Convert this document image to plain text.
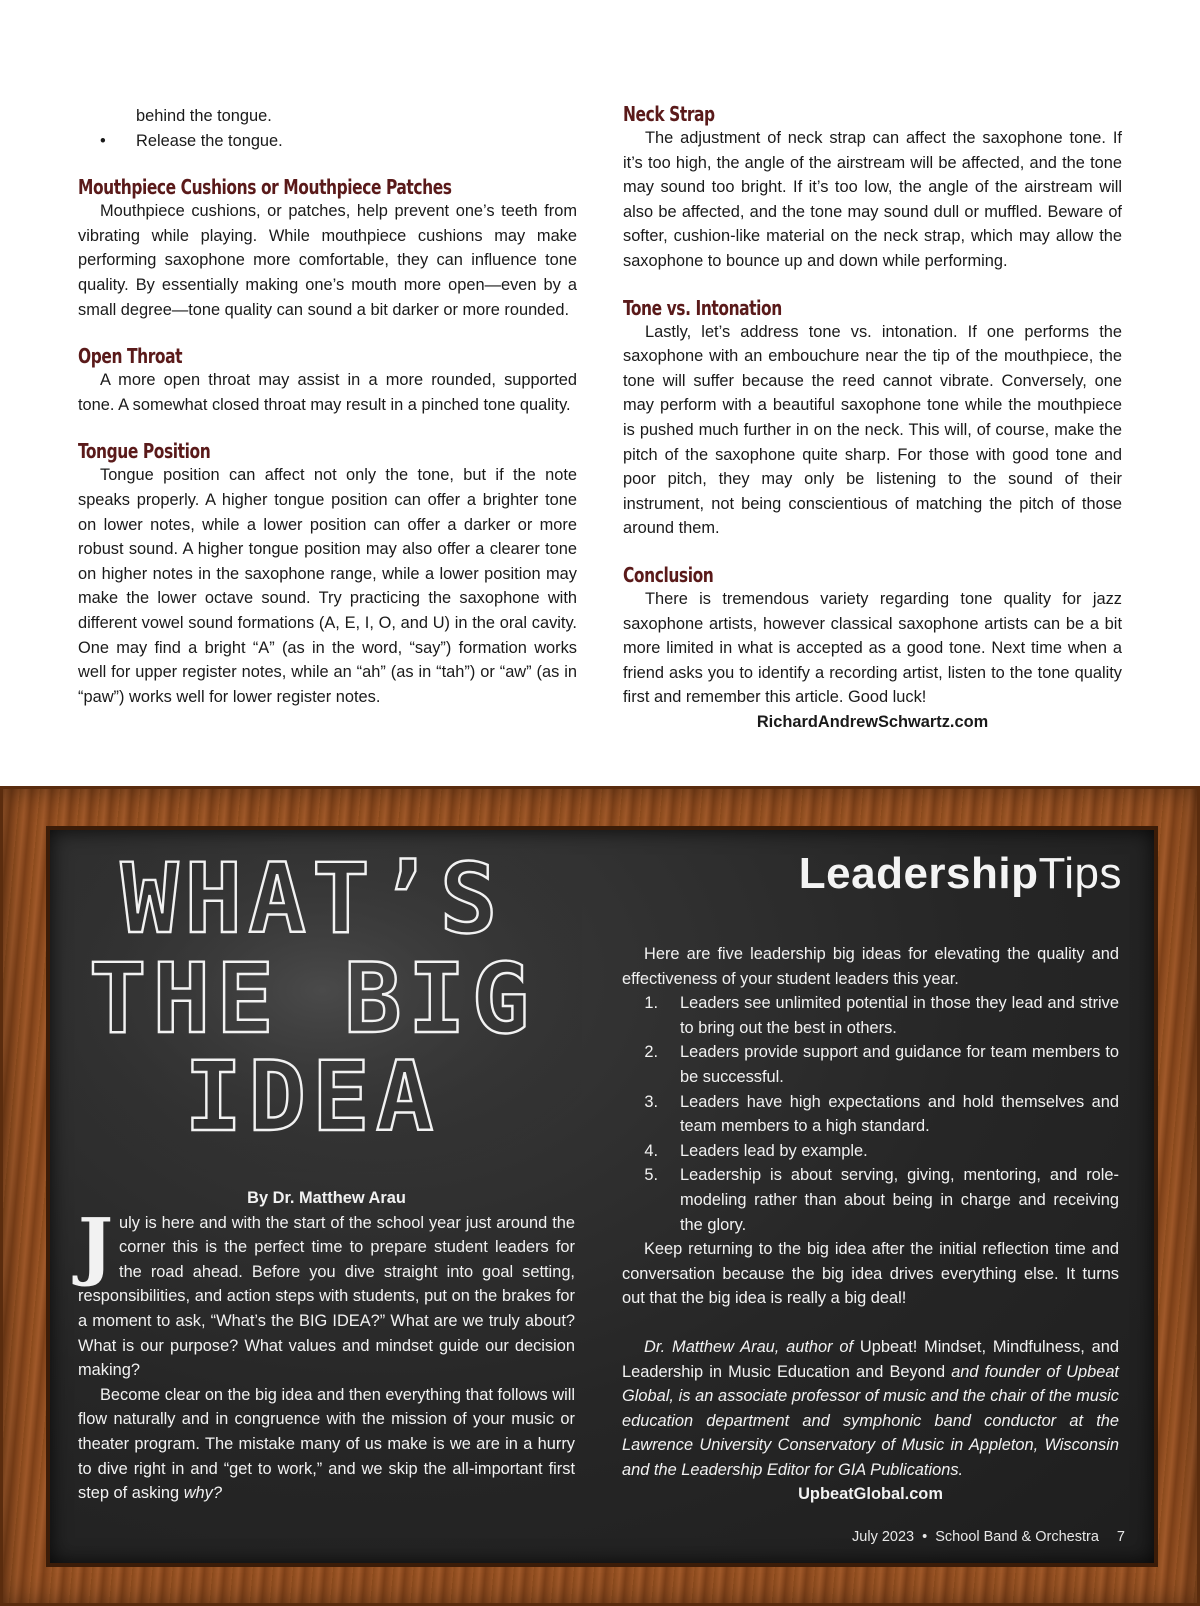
behind the tongue.
•	Release the tongue.
Mouthpiece Cushions or Mouthpiece Patches

Mouthpiece cushions, or patches, help prevent one’s teeth from vibrating while playing. While mouthpiece cushions may make performing saxophone more comfortable, they can influence tone quality. By essentially making one’s mouth more open—even by a small degree—tone quality can sound a bit darker or more rounded.

Open Throat

A more open throat may assist in a more rounded, supported tone. A somewhat closed throat may result in a pinched tone quality.

Tongue Position

Tongue position can affect not only the tone, but if the note speaks properly. A higher tongue position can offer a brighter tone on lower notes, while a lower position can offer a darker or more robust sound. A higher tongue position may also offer a clearer tone on higher notes in the saxophone range, while a lower position may make the lower octave sound. Try practicing the saxophone with different vowel sound formations (A, E, I, O, and U) in the oral cavity. One may find a bright “A” (as in the word, “say”) formation works well for upper register notes, while an “ah” (as in “tah”) or “aw” (as in “paw”) works well for lower register notes.

Neck Strap

The adjustment of neck strap can affect the saxophone tone. If it’s too high, the angle of the airstream will be affected, and the tone may sound too bright. If it’s too low, the angle of the airstream will also be affected, and the tone may sound dull or muffled. Beware of softer, cushion-like material on the neck strap, which may allow the saxophone to bounce up and down while performing.

Tone vs. Intonation

Lastly, let’s address tone vs. intonation. If one performs the saxophone with an embouchure near the tip of the mouthpiece, the tone will suffer because the reed cannot vibrate. Conversely, one may perform with a beautiful saxophone tone while the mouthpiece is pushed much further in on the neck. This will, of course, make the pitch of the saxophone quite sharp. For those with good tone and poor pitch, they may only be listening to the sound of their instrument, not being conscientious of matching the pitch of those around them.

Conclusion

There is tremendous variety regarding tone quality for jazz saxophone artists, however classical saxophone artists can be a bit more limited in what is accepted as a good tone. Next time when a friend asks you to identify a recording artist, listen to the tone quality first and remember this article. Good luck!

RichardAndrewSchwartz.com
WHAT’S
THE BIG
IDEA
LeadershipTips
By Dr. Matthew Arau

July is here and with the start of the school year just around the corner this is the perfect time to prepare student leaders for the road ahead. Before you dive straight into goal setting, responsibilities, and action steps with students, put on the brakes for a moment to ask, “What’s the BIG IDEA?” What are we truly about? What is our purpose? What values and mindset guide our decision making?

Become clear on the big idea and then everything that follows will flow naturally and in congruence with the mission of your music or theater program. The mistake many of us make is we are in a hurry to dive right in and “get to work,” and we skip the all-important first step of asking why?

Here are five leadership big ideas for elevating the quality and effectiveness of your student leaders this year.

1.	Leaders see unlimited potential in those they lead and strive to bring out the best in others.
2.	Leaders provide support and guidance for team members to be successful.
3.	Leaders have high expectations and hold themselves and team members to a high standard.
4.	Leaders lead by example.
5.	Leadership is about serving, giving, mentoring, and role-modeling rather than about being in charge and receiving the glory.

Keep returning to the big idea after the initial reflection time and conversation because the big idea drives everything else. It turns out that the big idea is really a big deal!

Dr. Matthew Arau, author of Upbeat! Mindset, Mindfulness, and Leadership in Music Education and Beyond and founder of Upbeat Global, is an associate professor of music and the chair of the music education department and symphonic band conductor at the Lawrence University Conservatory of Music in Appleton, Wisconsin and the Leadership Editor for GIA Publications.

UpbeatGlobal.com
July 2023 • School Band & Orchestra 7
